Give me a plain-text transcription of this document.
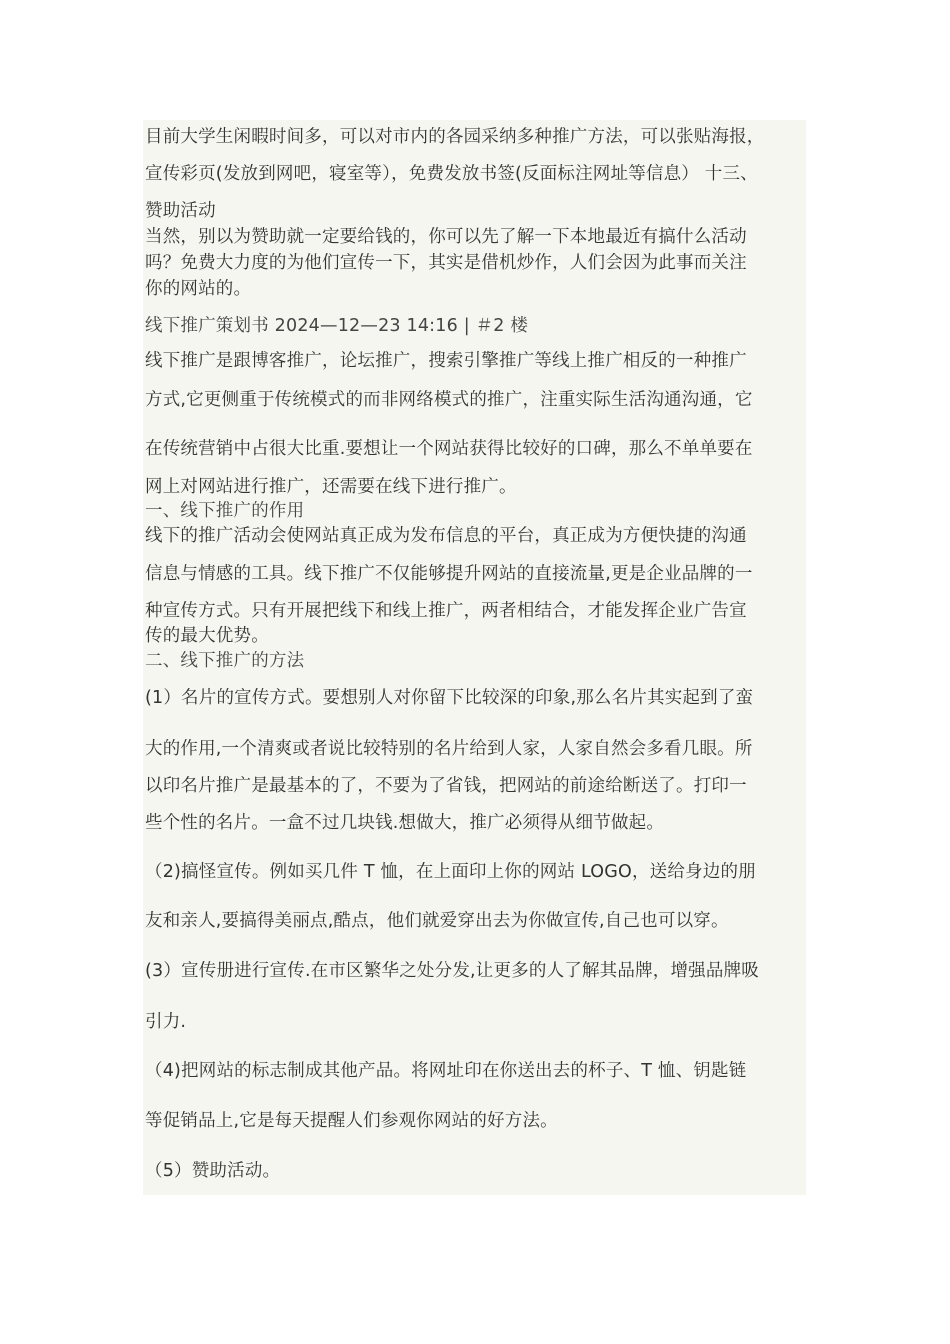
目前大学生闲暇时间多，可以对市内的各园采纳多种推广方法，可以张贴海报，
宣传彩页(发放到网吧，寝室等），免费发放书签(反面标注网址等信息） 十三、
赞助活动
当然，别以为赞助就一定要给钱的，你可以先了解一下本地最近有搞什么活动
吗？免费大力度的为他们宣传一下，其实是借机炒作，人们会因为此事而关注
你的网站的。
线下推广策划书 2024—12—23 14:16 | ＃2 楼
线下推广是跟博客推广，论坛推广，搜索引擎推广等线上推广相反的一种推广
方式,它更侧重于传统模式的而非网络模式的推广，注重实际生活沟通沟通，它
在传统营销中占很大比重.要想让一个网站获得比较好的口碑，那么不单单要在
网上对网站进行推广，还需要在线下进行推广。
一、线下推广的作用
线下的推广活动会使网站真正成为发布信息的平台，真正成为方便快捷的沟通
信息与情感的工具。线下推广不仅能够提升网站的直接流量,更是企业品牌的一
种宣传方式。只有开展把线下和线上推广，两者相结合，才能发挥企业广告宣
传的最大优势。
二、线下推广的方法
(1）名片的宣传方式。要想别人对你留下比较深的印象,那么名片其实起到了蛮
大的作用,一个清爽或者说比较特别的名片给到人家，人家自然会多看几眼。所
以印名片推广是最基本的了，不要为了省钱，把网站的前途给断送了。打印一
些个性的名片。一盒不过几块钱.想做大，推广必须得从细节做起。
（2)搞怪宣传。例如买几件 T 恤，在上面印上你的网站 LOGO，送给身边的朋
友和亲人,要搞得美丽点,酷点，他们就爱穿出去为你做宣传,自己也可以穿。
(3）宣传册进行宣传.在市区繁华之处分发,让更多的人了解其品牌，增强品牌吸
引力.
（4)把网站的标志制成其他产品。将网址印在你送出去的杯子、T 恤、钥匙链
等促销品上,它是每天提醒人们参观你网站的好方法。
（5）赞助活动。
